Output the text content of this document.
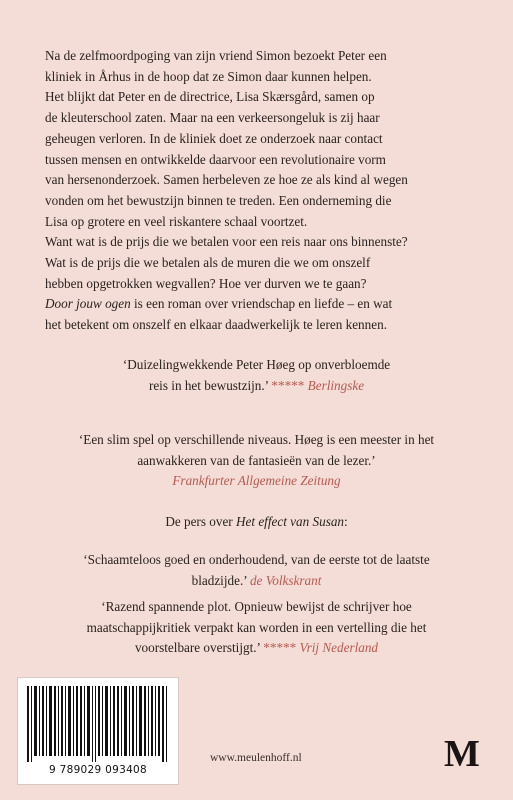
Na de zelfmoordpoging van zijn vriend Simon bezoekt Peter een
kliniek in Århus in de hoop dat ze Simon daar kunnen helpen.
Het blijkt dat Peter en de directrice, Lisa Skærsgård, samen op
de kleuterschool zaten. Maar na een verkeersongeluk is zij haar
geheugen verloren. In de kliniek doet ze onderzoek naar contact
tussen mensen en ontwikkelde daarvoor een revolutionaire vorm
van hersenonderzoek. Samen herbeleven ze hoe ze als kind al wegen
vonden om het bewustzijn binnen te treden. Een onderneming die
Lisa op grotere en veel riskantere schaal voortzet.
Want wat is de prijs die we betalen voor een reis naar ons binnenste?
Wat is de prijs die we betalen als de muren die we om onszelf
hebben opgetrokken wegvallen? Hoe ver durven we te gaan?
Door jouw ogen is een roman over vriendschap en liefde – en wat
het betekent om onszelf en elkaar daadwerkelijk te leren kennen.

‘Duizelingwekkende Peter Høeg op onverbloemde
reis in het bewustzijn.’ ***** Berlingske
‘Een slim spel op verschillende niveaus. Høeg is een meester in het
aanwakkeren van de fantasieën van de lezer.’
Frankfurter Allgemeine Zeitung
De pers over Het effect van Susan:
‘Schaamteloos goed en onderhoudend, van de eerste tot de laatste
bladzijde.’ de Volkskrant
‘Razend spannende plot. Opnieuw bewijst de schrijver hoe
maatschappijkritiek verpakt kan worden in een vertelling die het
voorstelbare overstijgt.’ ***** Vrij Nederland
9 789029 093408
www.meulenhoff.nl	M
